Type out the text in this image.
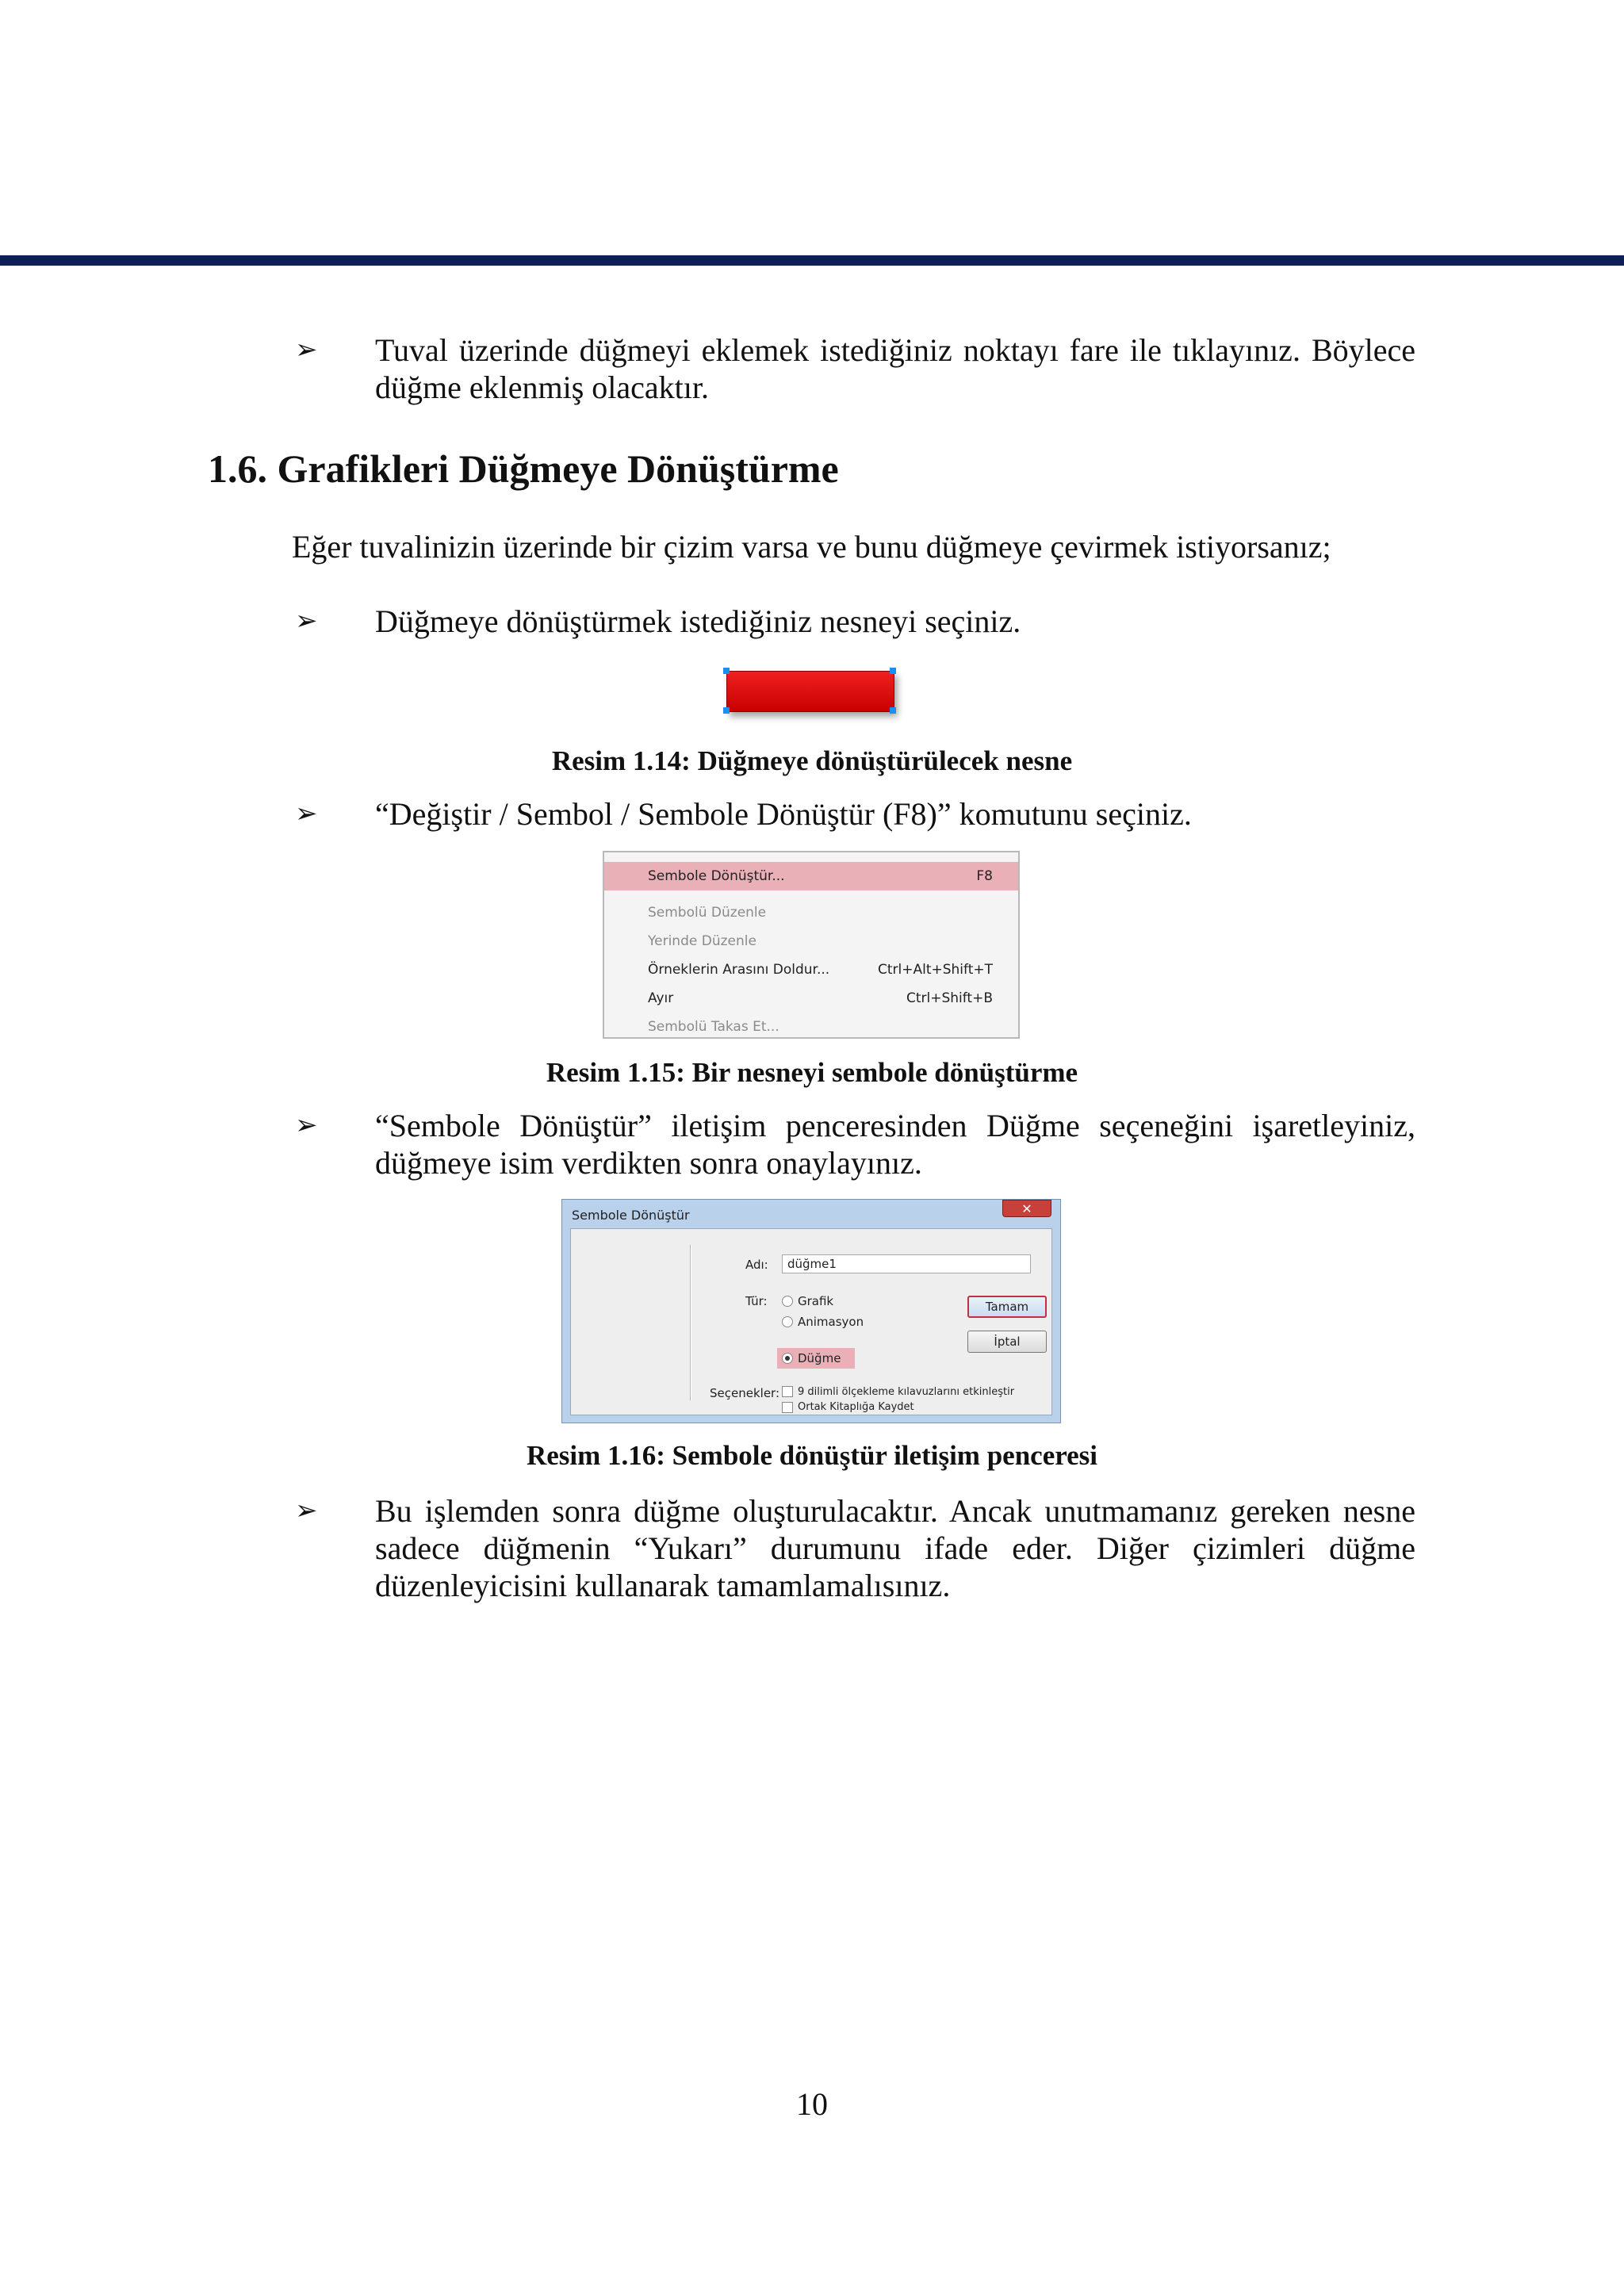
➢ Tuval üzerinde düğmeyi eklemek istediğiniz noktayı fare ile tıklayınız. Böylece düğme eklenmiş olacaktır.
1.6. Grafikleri Düğmeye Dönüştürme
Eğer tuvalinizin üzerinde bir çizim varsa ve bunu düğmeye çevirmek istiyorsanız;
➢ Düğmeye dönüştürmek istediğiniz nesneyi seçiniz.
Resim 1.14: Düğmeye dönüştürülecek nesne
➢ “Değiştir / Sembol / Sembole Dönüştür (F8)” komutunu seçiniz.
Sembole Dönüştür...	F8
Sembolü Düzenle
Yerinde Düzenle
Örneklerin Arasını Doldur...	Ctrl+Alt+Shift+T
Ayır	Ctrl+Shift+B
Sembolü Takas Et...
Resim 1.15: Bir nesneyi sembole dönüştürme
➢ “Sembole Dönüştür” iletişim penceresinden Düğme seçeneğini işaretleyiniz, düğmeye isim verdikten sonra onaylayınız.
Sembole Dönüştür	✕
Adı:	düğme1
Tür:	Grafik
Animasyon
Düğme
Seçenekler: 9 dilimli ölçekleme kılavuzlarını etkinleştir
Ortak Kitaplığa Kaydet
Tamam
İptal
Resim 1.16: Sembole dönüştür iletişim penceresi
➢ Bu işlemden sonra düğme oluşturulacaktır. Ancak unutmamanız gereken nesne sadece düğmenin “Yukarı” durumunu ifade eder. Diğer çizimleri düğme düzenleyicisini kullanarak tamamlamalısınız.
10
